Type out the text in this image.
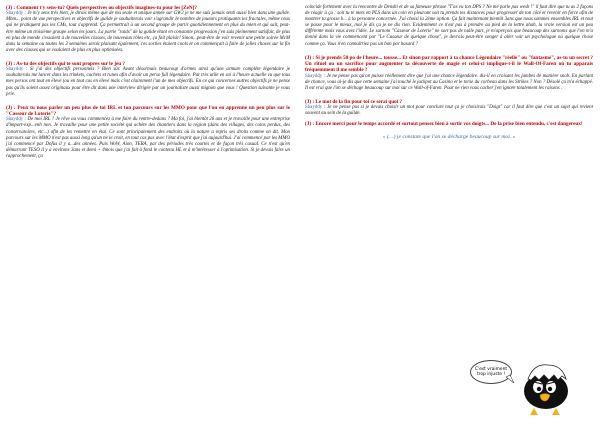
(J) : Comment t'y sens-tu? Quels perspectives ou objectifs imagines-tu pour les [ZeN]?

Shayddy : Je m'y sens très bien, je dirais même que de ma seule et unique année sur GW2 je ne me suis jamais senti aussi bien dans une guilde. Mhm... point de vue perspectives et objectifs de guilde je souhaiterais voir s'agrandir le nombre de joueurs pratiquants les fractales, même ceux qui ne pratiquent pas les CMs, tout s'apprend. Ça permettrait à un second groupe de partir quotidiennement en plus du mien et qui sait, peut-être même un troisième groupe selon les jours. La partie "raids" de la guilde étant en constante progression j'en suis pleinement satisfait, de plus en plus de monde s'essaient à de nouvelles classes, de nouveaux rôles etc, ça fait plaisir! Sinon...peut-être de voir revenir une petite soirée McM dans la semaine ou toutes les 2 semaines serait plaisant également, ces sorties étaient cools et on commençait à faire de jolies choses sur la fin avec des classes qui se voulaient de plus en plus optimisées.

(J) : As-tu des objectifs qui te sont propres sur le jeu ?

Shayddy : Si j'ai des objectifs personnels ? Bien sûr. Avant désormais beaucoup d'armes ainsi qu'une armure complète légendaire je souhaiterais me lancer dans les trinkets, cachets et runes afin d'avoir un perso full légendaire. Par très utile en soi à l'heure actuelle vu que tous mes persos ont tout en élevé (ou en tout cas en élevé mais c'est clairement l'un de mes objectifs. En ce qui concernes autres objectifs je ne pense pas qu'ils soient assez originaux pour être dit dans une interview dirigée par un journaliste aussi mignon que vous ! Question suivante je vous prie.

(J) : Peux tu nous parler un peu plus de toi IRL et ton parcours sur les MMO pour que l'on en apprenne un peu plus sur le "Casseur de Loterie"?

Shayddy : De moi IRL ? Je rêve ou vous commencez à me faire du rentre-dedans ? Ma foi, j'ai bientôt 26 ans et je travaille pour une entreprise d'import-exp...enh non. Je travaille pour une petite société qui achète des chantiers dans la région (dans des villages, des coins perdus, des conservatoires, etc...) afin de les remettre en état. Ce sont principalement des endroits où la nature a repris ses droits comme on dit. Mon parcours sur les MMO n'est pas aussi long qu'un ne le croit, en tout cas pas avec l'état d'esprit que j'ai aujourd'hui. J'ai commencé par les MMO j'ai commencé par Dofus il y a...des années. Puis WoW, Aion, TERA, par des périodes très courtes et de façon très casual. Ce n'est qu'en démarrant TESO il y a environs 3ans et demi + 4mois que j'ai fait à fond le contenu HL et à m'intéresser à l'optimisation. Si je devais faire un rapprochement, ça

coïncide fortement avec la rencontre de Denshi et de sa fameuse phrase "T'as vu ton DPS ? Ne me parle pas wesh !" il faut dire que tu as 2 façons de réagir à ça : soit tu te mets en PLS dans un coin en pleurant soit tu prends tes distances pour progresser de ton côté et revenir en force afin de montrer ta grosse b... à la personne concernée. J'ai choisi la 2ème option. Ça fait maintenant bientôt 3ans que nous sommes ensembles IRL et tout se passe pour le mieux, moi je dis ça je ne dis rien. Evidemment ce n'est pas à prendre au pied de la lettre ahah, la vraie version est un peu différente mais vous avez l'idée. Le surnom "Casseur de Loterie" ne sort pas de nulle part, je m'aperçois que beaucoup des surnoms que l'on m'a donné dans la vie commencent par "Le Casseur de quelque chose", je devrais peut-être songer à aller voir un psychologue ou quelque chose comme ça. Vous n'en connaîtriez pas un bon par hasard ?

(J) : Si je prends 50 po de l'heure... tousse... Et sinon par rapport à ta chance Légendaire "réelle" ou "fantasmé", as-tu un secret ? Un rituel ou un sacrifice pour augmenter ta découverte de magie et celui-ci implique-t-il le Wall-Of-Faren où tu apparais fréquemment il me semble ?

Shayddy : Je ne pense pas qu'on puisse réellement dire que j'ai une chance légendaire. dis-il en croisant les jambes de manière snob. En parlant de chance, vous ai-je dis que cette semaine j'ai touché le jackpot au Casino et le torse du corbeau dans les Strikes ? Non ? Désolé ça m'a échappé. Il est vrai que l'on se déchage beaucoup sur moi sur ce Wall-of-Faren. Pour ne rien vous cacher j'en ignore totalement les raisons .

(J) : Le mot de la fin pour toi ce serai quoi ?

Shayddy : Je ne pense pas si je devais choisir un mot pour conclure tout ça je choisirais "Doigt" car il faut dire que c'est un sujet qui revient souvent au sein de la guilde.

(J) : Encore merci pour le temps accordé et surtout pensez bien à sortir vos doigts... De la prise bien entendu, c'est dangereux!

« (…) je constate que l'on se décharge beaucoup sur moi. »

C'est vraiment
trop injuste !
